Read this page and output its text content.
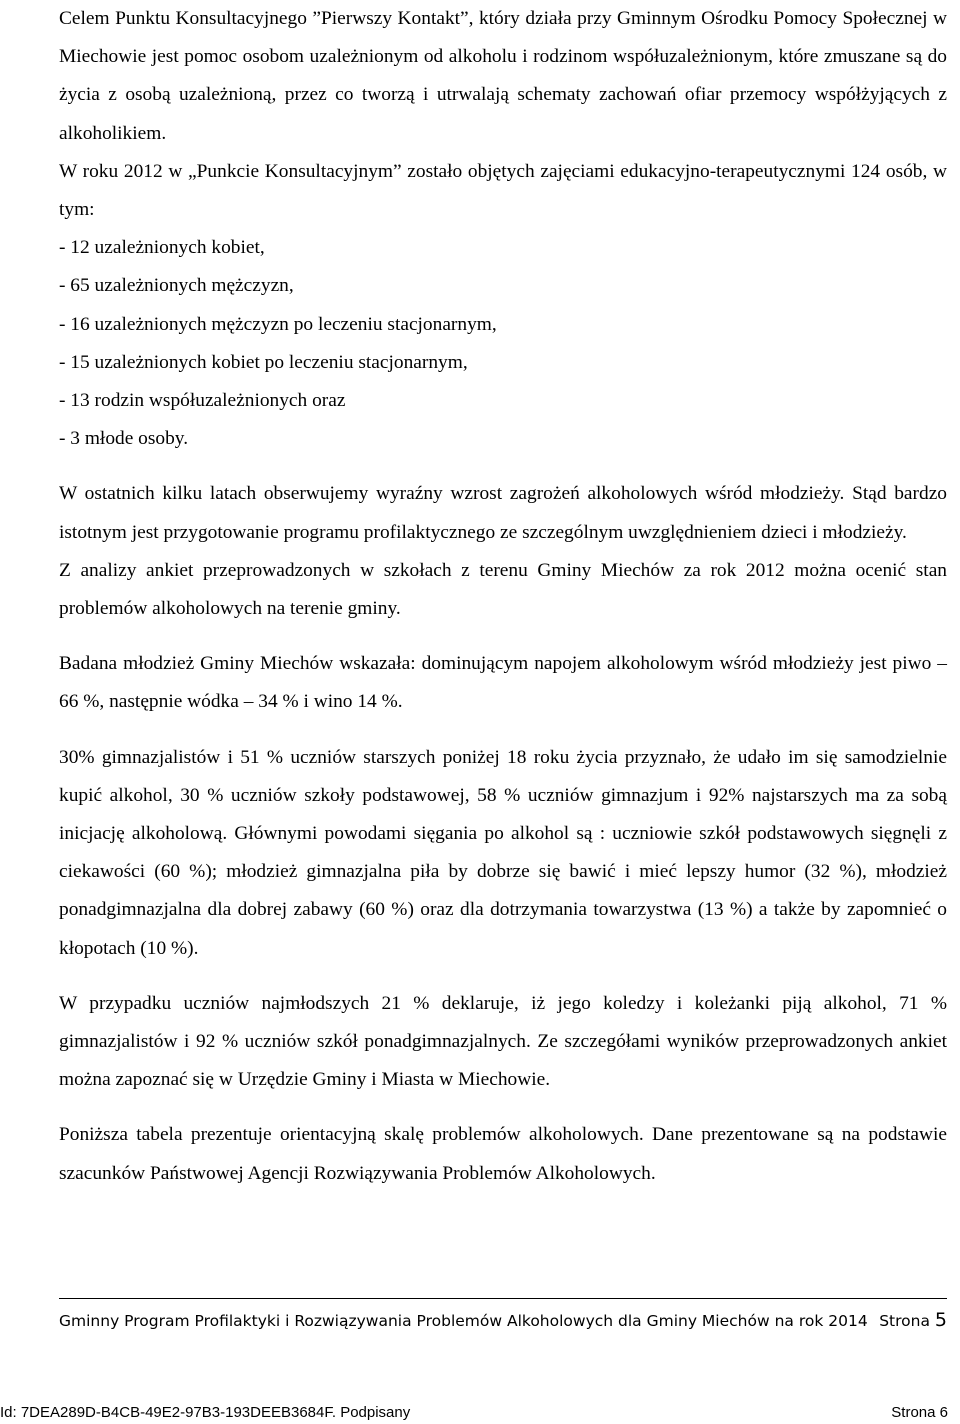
Celem Punktu Konsultacyjnego ”Pierwszy Kontakt”, który działa przy Gminnym Ośrodku Pomocy Społecznej w Miechowie jest pomoc osobom uzależnionym od alkoholu i rodzinom współuzależnionym, które zmuszane są do życia z osobą uzależnioną, przez co tworzą i utrwalają schematy zachowań ofiar przemocy współżyjących z alkoholikiem.

W roku 2012 w „Punkcie Konsultacyjnym” zostało objętych zajęciami edukacyjno-terapeutycznymi 124 osób, w tym:

- 12 uzależnionych kobiet,
- 65 uzależnionych mężczyzn,
- 16 uzależnionych mężczyzn po leczeniu stacjonarnym,
- 15 uzależnionych kobiet po leczeniu stacjonarnym,
- 13 rodzin współuzależnionych oraz
- 3 młode osoby.

W ostatnich kilku latach obserwujemy wyraźny wzrost zagrożeń alkoholowych wśród młodzieży. Stąd bardzo istotnym jest przygotowanie programu profilaktycznego ze szczególnym uwzględnieniem dzieci i młodzieży.

Z analizy ankiet przeprowadzonych w szkołach z terenu Gminy Miechów za rok 2012 można ocenić stan problemów alkoholowych na terenie gminy.

Badana młodzież Gminy Miechów wskazała: dominującym napojem alkoholowym wśród młodzieży jest piwo – 66 %, następnie wódka – 34 % i wino 14 %.

30% gimnazjalistów i 51 % uczniów starszych poniżej 18 roku życia przyznało, że udało im się samodzielnie kupić alkohol, 30 % uczniów szkoły podstawowej, 58 % uczniów gimnazjum i 92% najstarszych ma za sobą inicjację alkoholową. Głównymi powodami sięgania po alkohol są : uczniowie szkół podstawowych sięgnęli z ciekawości (60 %); młodzież gimnazjalna piła by dobrze się bawić i mieć lepszy humor (32 %), młodzież ponadgimnazjalna dla dobrej zabawy (60 %) oraz dla dotrzymania towarzystwa (13 %) a także by zapomnieć o kłopotach (10 %).

W przypadku uczniów najmłodszych 21 % deklaruje, iż jego koledzy i koleżanki piją alkohol, 71 % gimnazjalistów i 92 % uczniów szkół ponadgimnazjalnych. Ze szczegółami wyników przeprowadzonych ankiet można zapoznać się w Urzędzie Gminy i Miasta w Miechowie.

Poniższa tabela prezentuje orientacyjną skalę problemów alkoholowych. Dane prezentowane są na podstawie szacunków Państwowej Agencji Rozwiązywania Problemów Alkoholowych.

Gminny Program Profilaktyki i Rozwiązywania Problemów Alkoholowych dla Gminy Miechów na rok 2014 Strona 5
Id: 7DEA289D-B4CB-49E2-97B3-193DEEB3684F. Podpisany	Strona 6
